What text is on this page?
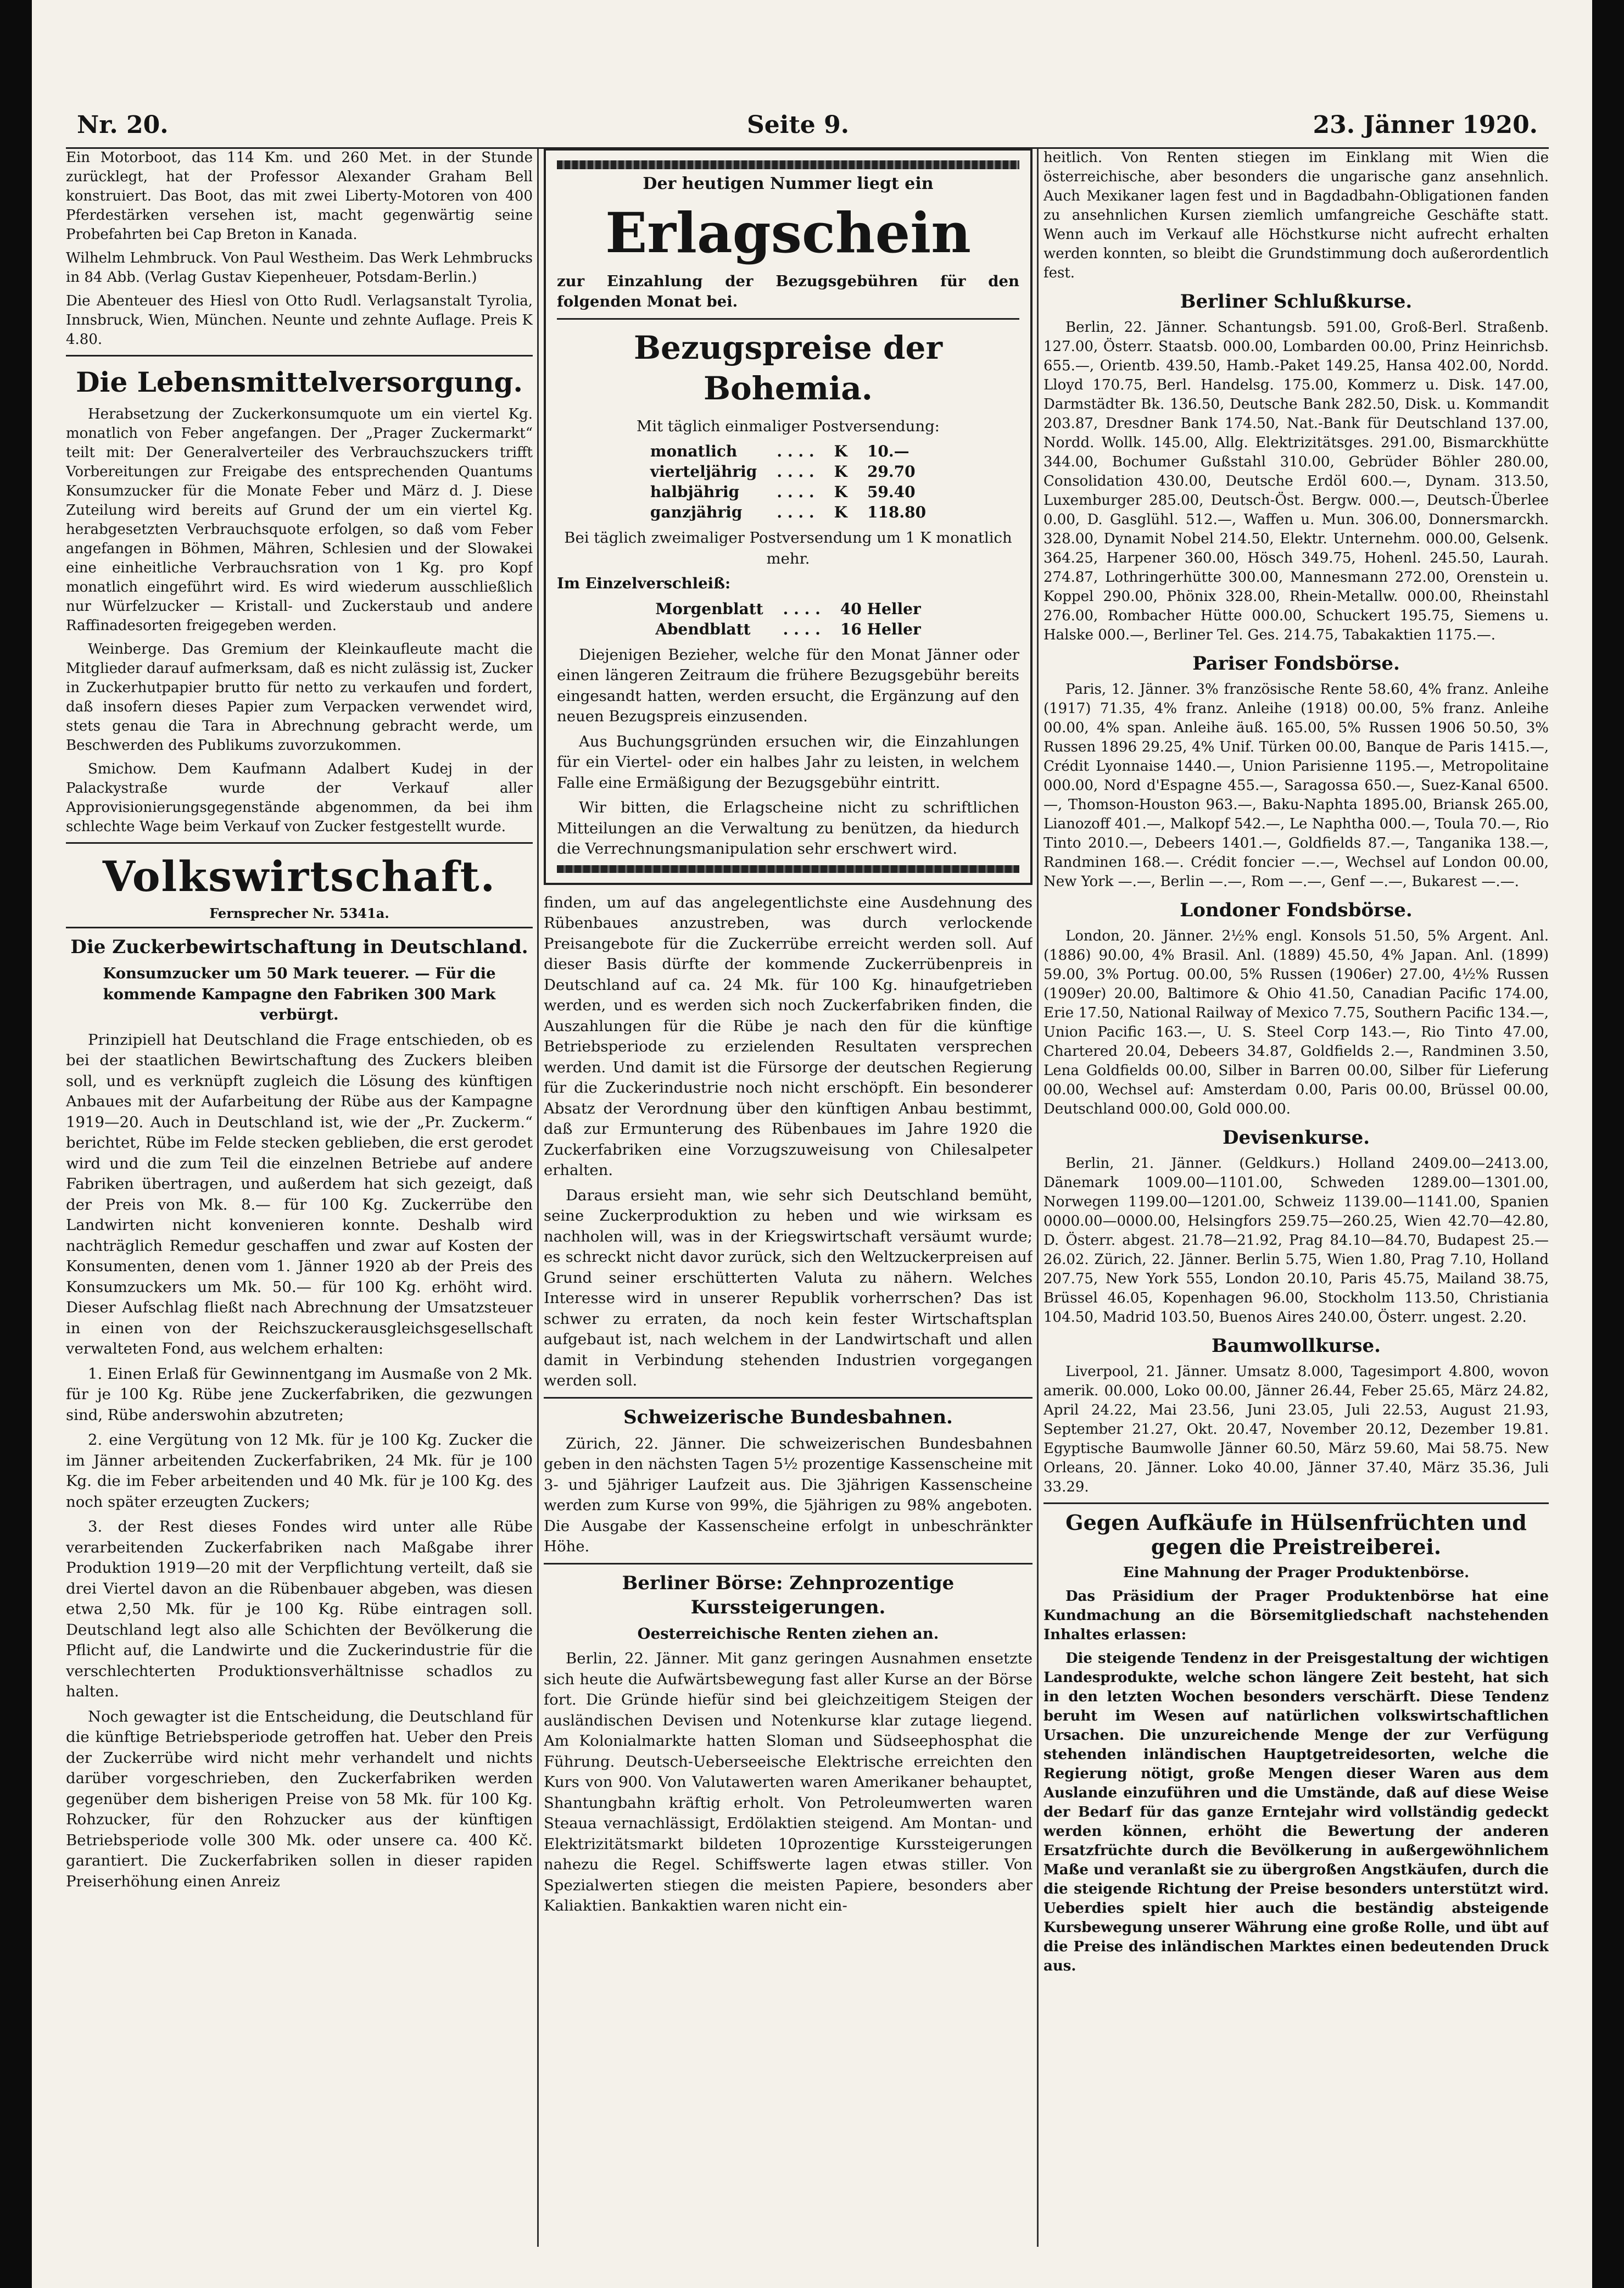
Nr. 20.	Seite 9.	23. Jänner 1920.

Ein Motorboot, das 114 Km. und 260 Met. in der Stunde zurücklegt, hat der Professor Alexander Graham Bell konstruiert. Das Boot, das mit zwei Liberty-Motoren von 400 Pferdestärken versehen ist, macht gegenwärtig seine Probefahrten bei Cap Breton in Kanada.

Wilhelm Lehmbruck. Von Paul Westheim. Das Werk Lehmbrucks in 84 Abb. (Verlag Gustav Kiepenheuer, Potsdam-Berlin.)

Die Abenteuer des Hiesl von Otto Rudl. Verlagsanstalt Tyrolia, Innsbruck, Wien, München. Neunte und zehnte Auflage. Preis K 4.80.

Die Lebensmittelversorgung.

Herabsetzung der Zuckerkonsumquote um ein viertel Kg. monatlich von Feber angefangen. Der „Prager Zuckermarkt“ teilt mit: Der Generalverteiler des Verbrauchszuckers trifft Vorbereitungen zur Freigabe des entsprechenden Quantums Konsumzucker für die Monate Feber und März d. J. Diese Zuteilung wird bereits auf Grund der um ein viertel Kg. herabgesetzten Verbrauchsquote erfolgen, so daß vom Feber angefangen in Böhmen, Mähren, Schlesien und der Slowakei eine einheitliche Verbrauchsration von 1 Kg. pro Kopf monatlich eingeführt wird. Es wird wiederum ausschließlich nur Würfelzucker — Kristall- und Zuckerstaub und andere Raffinadesorten freigegeben werden.

Weinberge. Das Gremium der Kleinkaufleute macht die Mitglieder darauf aufmerksam, daß es nicht zulässig ist, Zucker in Zuckerhutpapier brutto für netto zu verkaufen und fordert, daß insofern dieses Papier zum Verpacken verwendet wird, stets genau die Tara in Abrechnung gebracht werde, um Beschwerden des Publikums zuvorzukommen.

Smichow. Dem Kaufmann Adalbert Kudej in der Palackystraße wurde der Verkauf aller Approvisionierungsgegenstände abgenommen, da bei ihm schlechte Wage beim Verkauf von Zucker festgestellt wurde.

Volkswirtschaft.
Fernsprecher Nr. 5341a.
Die Zuckerbewirtschaftung in Deutschland.

Konsumzucker um 50 Mark teuerer. — Für die kommende Kampagne den Fabriken 300 Mark verbürgt.

Prinzipiell hat Deutschland die Frage entschieden, ob es bei der staatlichen Bewirtschaftung des Zuckers bleiben soll, und es verknüpft zugleich die Lösung des künftigen Anbaues mit der Aufarbeitung der Rübe aus der Kampagne 1919—20. Auch in Deutschland ist, wie der „Pr. Zuckerm.“ berichtet, Rübe im Felde stecken geblieben, die erst gerodet wird und die zum Teil die einzelnen Betriebe auf andere Fabriken übertragen, und außerdem hat sich gezeigt, daß der Preis von Mk. 8.— für 100 Kg. Zuckerrübe den Landwirten nicht konvenieren konnte. Deshalb wird nachträglich Remedur geschaffen und zwar auf Kosten der Konsumenten, denen vom 1. Jänner 1920 ab der Preis des Konsumzuckers um Mk. 50.— für 100 Kg. erhöht wird. Dieser Aufschlag fließt nach Abrechnung der Umsatzsteuer in einen von der Reichszuckerausgleichsgesellschaft verwalteten Fond, aus welchem erhalten:

1. Einen Erlaß für Gewinnentgang im Ausmaße von 2 Mk. für je 100 Kg. Rübe jene Zuckerfabriken, die gezwungen sind, Rübe anderswohin abzutreten;

2. eine Vergütung von 12 Mk. für je 100 Kg. Zucker die im Jänner arbeitenden Zuckerfabriken, 24 Mk. für je 100 Kg. die im Feber arbeitenden und 40 Mk. für je 100 Kg. des noch später erzeugten Zuckers;

3. der Rest dieses Fondes wird unter alle Rübe verarbeitenden Zuckerfabriken nach Maßgabe ihrer Produktion 1919—20 mit der Verpflichtung verteilt, daß sie drei Viertel davon an die Rübenbauer abgeben, was diesen etwa 2,50 Mk. für je 100 Kg. Rübe eintragen soll. Deutschland legt also alle Schichten der Bevölkerung die Pflicht auf, die Landwirte und die Zuckerindustrie für die verschlechterten Produktionsverhältnisse schadlos zu halten.

Noch gewagter ist die Entscheidung, die Deutschland für die künftige Betriebsperiode getroffen hat. Ueber den Preis der Zuckerrübe wird nicht mehr verhandelt und nichts darüber vorgeschrieben, den Zuckerfabriken werden gegenüber dem bisherigen Preise von 58 Mk. für 100 Kg. Rohzucker, für den Rohzucker aus der künftigen Betriebsperiode volle 300 Mk. oder unsere ca. 400 Kč. garantiert. Die Zuckerfabriken sollen in dieser rapiden Preiserhöhung einen Anreiz

Der heutigen Nummer liegt ein

Erlagschein

zur Einzahlung der Bezugsgebühren für den folgenden Monat bei.

Bezugspreise der Bohemia.

Mit täglich einmaliger Postversendung:

monatlich	. . . .	K	10.—
vierteljährig	. . . .	K	29.70
halbjährig	. . . .	K	59.40
ganzjährig	. . . .	K	118.80

Bei täglich zweimaliger Postversendung um 1 K monatlich mehr.

Im Einzelverschleiß:

Morgenblatt	. . . .	40 Heller
Abendblatt	. . . .	16 Heller

Diejenigen Bezieher, welche für den Monat Jänner oder einen längeren Zeitraum die frühere Bezugsgebühr bereits eingesandt hatten, werden ersucht, die Ergänzung auf den neuen Bezugspreis einzusenden.

Aus Buchungsgründen ersuchen wir, die Einzahlungen für ein Viertel- oder ein halbes Jahr zu leisten, in welchem Falle eine Ermäßigung der Bezugsgebühr eintritt.

Wir bitten, die Erlagscheine nicht zu schriftlichen Mitteilungen an die Verwaltung zu benützen, da hiedurch die Verrechnungsmanipulation sehr erschwert wird.

finden, um auf das angelegentlichste eine Ausdehnung des Rübenbaues anzustreben, was durch verlockende Preisangebote für die Zuckerrübe erreicht werden soll. Auf dieser Basis dürfte der kommende Zuckerrübenpreis in Deutschland auf ca. 24 Mk. für 100 Kg. hinaufgetrieben werden, und es werden sich noch Zuckerfabriken finden, die Auszahlungen für die Rübe je nach den für die künftige Betriebsperiode zu erzielenden Resultaten versprechen werden. Und damit ist die Fürsorge der deutschen Regierung für die Zuckerindustrie noch nicht erschöpft. Ein besonderer Absatz der Verordnung über den künftigen Anbau bestimmt, daß zur Ermunterung des Rübenbaues im Jahre 1920 die Zuckerfabriken eine Vorzugszuweisung von Chilesalpeter erhalten.

Daraus ersieht man, wie sehr sich Deutschland bemüht, seine Zuckerproduktion zu heben und wie wirksam es nachholen will, was in der Kriegswirtschaft versäumt wurde; es schreckt nicht davor zurück, sich den Weltzuckerpreisen auf Grund seiner erschütterten Valuta zu nähern. Welches Interesse wird in unserer Republik vorherrschen? Das ist schwer zu erraten, da noch kein fester Wirtschaftsplan aufgebaut ist, nach welchem in der Landwirtschaft und allen damit in Verbindung stehenden Industrien vorgegangen werden soll.

Schweizerische Bundesbahnen.

Zürich, 22. Jänner. Die schweizerischen Bundesbahnen geben in den nächsten Tagen 5½ prozentige Kassenscheine mit 3- und 5jähriger Laufzeit aus. Die 3jährigen Kassenscheine werden zum Kurse von 99%, die 5jährigen zu 98% angeboten. Die Ausgabe der Kassenscheine erfolgt in unbeschränkter Höhe.

Berliner Börse: Zehnprozentige Kurssteigerungen.

Oesterreichische Renten ziehen an.

Berlin, 22. Jänner. Mit ganz geringen Ausnahmen ensetzte sich heute die Aufwärtsbewegung fast aller Kurse an der Börse fort. Die Gründe hiefür sind bei gleichzeitigem Steigen der ausländischen Devisen und Notenkurse klar zutage liegend. Am Kolonialmarkte hatten Sloman und Südseephosphat die Führung. Deutsch-Ueberseeische Elektrische erreichten den Kurs von 900. Von Valutawerten waren Amerikaner behauptet, Shantungbahn kräftig erholt. Von Petroleumwerten waren Steaua vernachlässigt, Erdölaktien steigend. Am Montan- und Elektrizitätsmarkt bildeten 10prozentige Kurssteigerungen nahezu die Regel. Schiffswerte lagen etwas stiller. Von Spezialwerten stiegen die meisten Papiere, besonders aber Kaliaktien. Bankaktien waren nicht ein-

heitlich. Von Renten stiegen im Einklang mit Wien die österreichische, aber besonders die ungarische ganz ansehnlich. Auch Mexikaner lagen fest und in Bagdadbahn-Obligationen fanden zu ansehnlichen Kursen ziemlich umfangreiche Geschäfte statt. Wenn auch im Verkauf alle Höchstkurse nicht aufrecht erhalten werden konnten, so bleibt die Grundstimmung doch außerordentlich fest.

Berliner Schlußkurse.

Berlin, 22. Jänner. Schantungsb. 591.00, Groß-Berl. Straßenb. 127.00, Österr. Staatsb. 000.00, Lombarden 00.00, Prinz Heinrichsb. 655.—, Orientb. 439.50, Hamb.-Paket 149.25, Hansa 402.00, Nordd. Lloyd 170.75, Berl. Handelsg. 175.00, Kommerz u. Disk. 147.00, Darmstädter Bk. 136.50, Deutsche Bank 282.50, Disk. u. Kommandit 203.87, Dresdner Bank 174.50, Nat.-Bank für Deutschland 137.00, Nordd. Wollk. 145.00, Allg. Elektrizitätsges. 291.00, Bismarckhütte 344.00, Bochumer Gußstahl 310.00, Gebrüder Böhler 280.00, Consolidation 430.00, Deutsche Erdöl 600.—, Dynam. 313.50, Luxemburger 285.00, Deutsch-Öst. Bergw. 000.—, Deutsch-Überlee 0.00, D. Gasglühl. 512.—, Waffen u. Mun. 306.00, Donnersmarckh. 328.00, Dynamit Nobel 214.50, Elektr. Unternehm. 000.00, Gelsenk. 364.25, Harpener 360.00, Hösch 349.75, Hohenl. 245.50, Laurah. 274.87, Lothringerhütte 300.00, Mannesmann 272.00, Orenstein u. Koppel 290.00, Phönix 328.00, Rhein-Metallw. 000.00, Rheinstahl 276.00, Rombacher Hütte 000.00, Schuckert 195.75, Siemens u. Halske 000.—, Berliner Tel. Ges. 214.75, Tabakaktien 1175.—.

Pariser Fondsbörse.

Paris, 12. Jänner. 3% französische Rente 58.60, 4% franz. Anleihe (1917) 71.35, 4% franz. Anleihe (1918) 00.00, 5% franz. Anleihe 00.00, 4% span. Anleihe äuß. 165.00, 5% Russen 1906 50.50, 3% Russen 1896 29.25, 4% Unif. Türken 00.00, Banque de Paris 1415.—, Crédit Lyonnaise 1440.—, Union Parisienne 1195.—, Metropolitaine 000.00, Nord d'Espagne 455.—, Saragossa 650.—, Suez-Kanal 6500.—, Thomson-Houston 963.—, Baku-Naphta 1895.00, Briansk 265.00, Lianozoff 401.—, Malkopf 542.—, Le Naphtha 000.—, Toula 70.—, Rio Tinto 2010.—, Debeers 1401.—, Goldfields 87.—, Tanganika 138.—, Randminen 168.—. Crédit foncier —.—, Wechsel auf London 00.00, New York —.—, Berlin —.—, Rom —.—, Genf —.—, Bukarest —.—.

Londoner Fondsbörse.

London, 20. Jänner. 2½% engl. Konsols 51.50, 5% Argent. Anl. (1886) 90.00, 4% Brasil. Anl. (1889) 45.50, 4% Japan. Anl. (1899) 59.00, 3% Portug. 00.00, 5% Russen (1906er) 27.00, 4½% Russen (1909er) 20.00, Baltimore & Ohio 41.50, Canadian Pacific 174.00, Erie 17.50, National Railway of Mexico 7.75, Southern Pacific 134.—, Union Pacific 163.—, U. S. Steel Corp 143.—, Rio Tinto 47.00, Chartered 20.04, Debeers 34.87, Goldfields 2.—, Randminen 3.50, Lena Goldfields 00.00, Silber in Barren 00.00, Silber für Lieferung 00.00, Wechsel auf: Amsterdam 0.00, Paris 00.00, Brüssel 00.00, Deutschland 000.00, Gold 000.00.

Devisenkurse.

Berlin, 21. Jänner. (Geldkurs.) Holland 2409.00—2413.00, Dänemark 1009.00—1101.00, Schweden 1289.00—1301.00, Norwegen 1199.00—1201.00, Schweiz 1139.00—1141.00, Spanien 0000.00—0000.00, Helsingfors 259.75—260.25, Wien 42.70—42.80, D. Österr. abgest. 21.78—21.92, Prag 84.10—84.70, Budapest 25.—26.02. Zürich, 22. Jänner. Berlin 5.75, Wien 1.80, Prag 7.10, Holland 207.75, New York 555, London 20.10, Paris 45.75, Mailand 38.75, Brüssel 46.05, Kopenhagen 96.00, Stockholm 113.50, Christiania 104.50, Madrid 103.50, Buenos Aires 240.00, Österr. ungest. 2.20.

Baumwollkurse.

Liverpool, 21. Jänner. Umsatz 8.000, Tagesimport 4.800, wovon amerik. 00.000, Loko 00.00, Jänner 26.44, Feber 25.65, März 24.82, April 24.22, Mai 23.56, Juni 23.05, Juli 22.53, August 21.93, September 21.27, Okt. 20.47, November 20.12, Dezember 19.81. Egyptische Baumwolle Jänner 60.50, März 59.60, Mai 58.75. New Orleans, 20. Jänner. Loko 40.00, Jänner 37.40, März 35.36, Juli 33.29.

Gegen Aufkäufe in Hülsenfrüchten und gegen die Preistreiberei.

Eine Mahnung der Prager Produktenbörse.

Das Präsidium der Prager Produktenbörse hat eine Kundmachung an die Börsemitgliedschaft nachstehenden Inhaltes erlassen:

Die steigende Tendenz in der Preisgestaltung der wichtigen Landesprodukte, welche schon längere Zeit besteht, hat sich in den letzten Wochen besonders verschärft. Diese Tendenz beruht im Wesen auf natürlichen volkswirtschaftlichen Ursachen. Die unzureichende Menge der zur Verfügung stehenden inländischen Hauptgetreidesorten, welche die Regierung nötigt, große Mengen dieser Waren aus dem Auslande einzuführen und die Umstände, daß auf diese Weise der Bedarf für das ganze Erntejahr wird vollständig gedeckt werden können, erhöht die Bewertung der anderen Ersatzfrüchte durch die Bevölkerung in außergewöhnlichem Maße und veranlaßt sie zu übergroßen Angstkäufen, durch die die steigende Richtung der Preise besonders unterstützt wird. Ueberdies spielt hier auch die beständig absteigende Kursbewegung unserer Währung eine große Rolle, und übt auf die Preise des inländischen Marktes einen bedeutenden Druck aus.
